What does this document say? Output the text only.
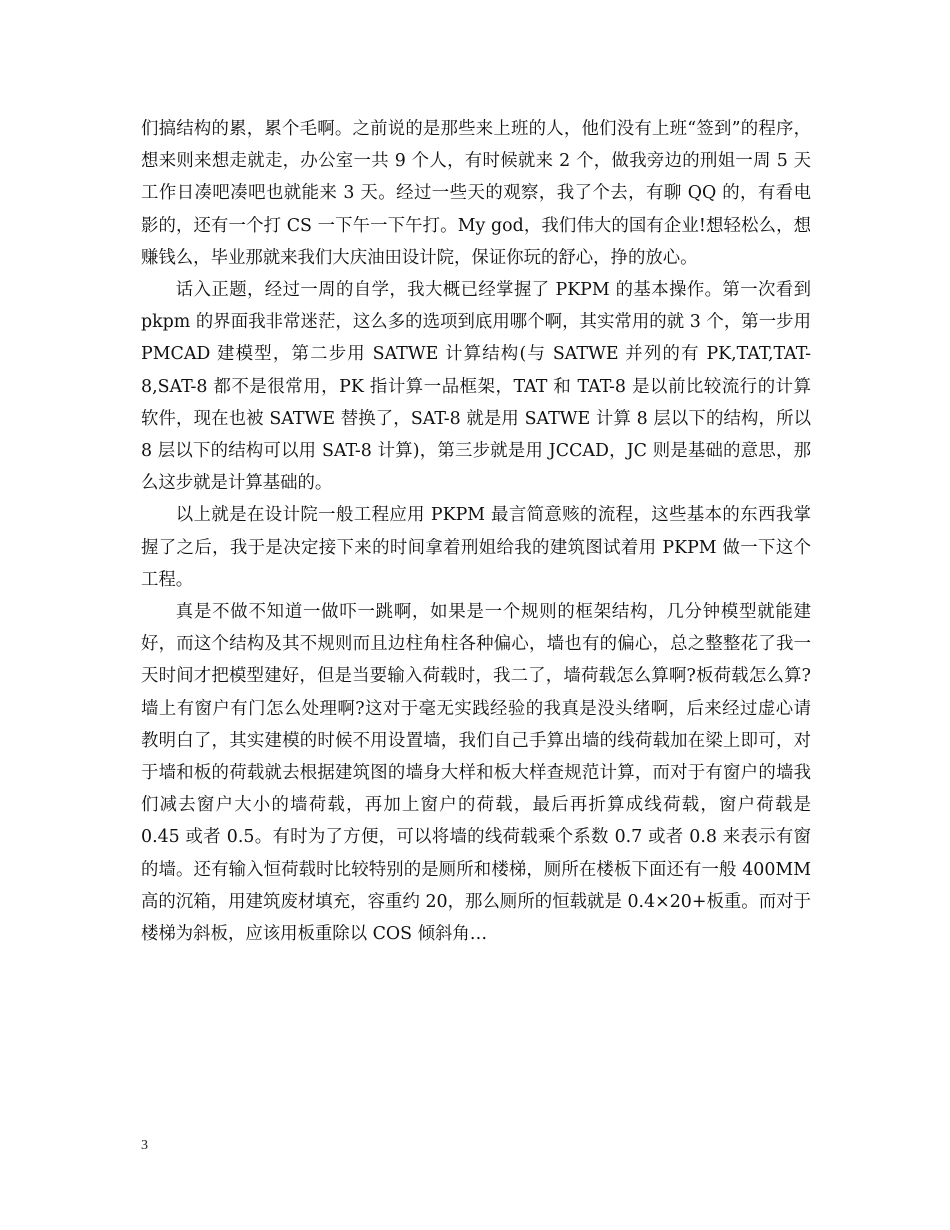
们搞结构的累，累个毛啊。之前说的是那些来上班的人，他们没有上班“签到”的程序，想来则来想走就走，办公室一共 9 个人，有时候就来 2 个，做我旁边的刑姐一周 5 天工作日凑吧凑吧也就能来 3 天。经过一些天的观察，我了个去，有聊 QQ 的，有看电影的，还有一个打 CS 一下午一下午打。My god，我们伟大的国有企业!想轻松么，想赚钱么，毕业那就来我们大庆油田设计院，保证你玩的舒心，挣的放心。

话入正题，经过一周的自学，我大概已经掌握了 PKPM 的基本操作。第一次看到 pkpm 的界面我非常迷茫，这么多的选项到底用哪个啊，其实常用的就 3 个，第一步用 PMCAD 建模型，第二步用 SATWE 计算结构(与 SATWE 并列的有 PK,TAT,TAT-8,SAT-8 都不是很常用，PK 指计算一品框架，TAT 和 TAT-8 是以前比较流行的计算软件，现在也被 SATWE 替换了，SAT-8 就是用 SATWE 计算 8 层以下的结构，所以 8 层以下的结构可以用 SAT-8 计算)，第三步就是用 JCCAD，JC 则是基础的意思，那么这步就是计算基础的。

以上就是在设计院一般工程应用 PKPM 最言简意赅的流程，这些基本的东西我掌握了之后，我于是决定接下来的时间拿着刑姐给我的建筑图试着用 PKPM 做一下这个工程。

真是不做不知道一做吓一跳啊，如果是一个规则的框架结构，几分钟模型就能建好，而这个结构及其不规则而且边柱角柱各种偏心，墙也有的偏心，总之整整花了我一天时间才把模型建好，但是当要输入荷载时，我二了，墙荷载怎么算啊?板荷载怎么算?墙上有窗户有门怎么处理啊?这对于毫无实践经验的我真是没头绪啊，后来经过虚心请教明白了，其实建模的时候不用设置墙，我们自己手算出墙的线荷载加在梁上即可，对于墙和板的荷载就去根据建筑图的墙身大样和板大样查规范计算，而对于有窗户的墙我们减去窗户大小的墙荷载，再加上窗户的荷载，最后再折算成线荷载，窗户荷载是 0.45 或者 0.5。有时为了方便，可以将墙的线荷载乘个系数 0.7 或者 0.8 来表示有窗的墙。还有输入恒荷载时比较特别的是厕所和楼梯，厕所在楼板下面还有一般 400MM 高的沉箱，用建筑废材填充，容重约 20，那么厕所的恒载就是 0.4×20+板重。而对于楼梯为斜板，应该用板重除以 COS 倾斜角…

3
